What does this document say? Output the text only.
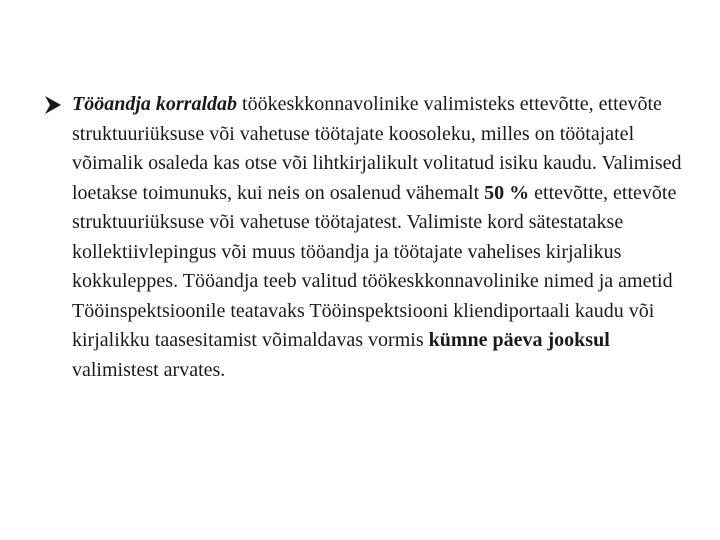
Tööandja korraldab töökeskkonnavolinike valimisteks ettevõtte, ettevõte struktuuriüksuse või vahetuse töötajate koosoleku, milles on töötajatel võimalik osaleda kas otse või lihtkirjalikult volitatud isiku kaudu. Valimised loetakse toimunuks, kui neis on osalenud vähemalt 50 % ettevõtte, ettevõte struktuuriüksuse või vahetuse töötajatest. Valimiste kord sätestatakse kollektiivlepingus või muus tööandja ja töötajate vahelises kirjalikus kokkuleppes. Tööandja teeb valitud töökeskkonnavolinike nimed ja ametid Tööinspektsioonile teatavaks Tööinspektsiooni kliendiportaali kaudu või kirjalikku taasesitamist võimaldavas vormis kümne päeva jooksul valimistest arvates.
